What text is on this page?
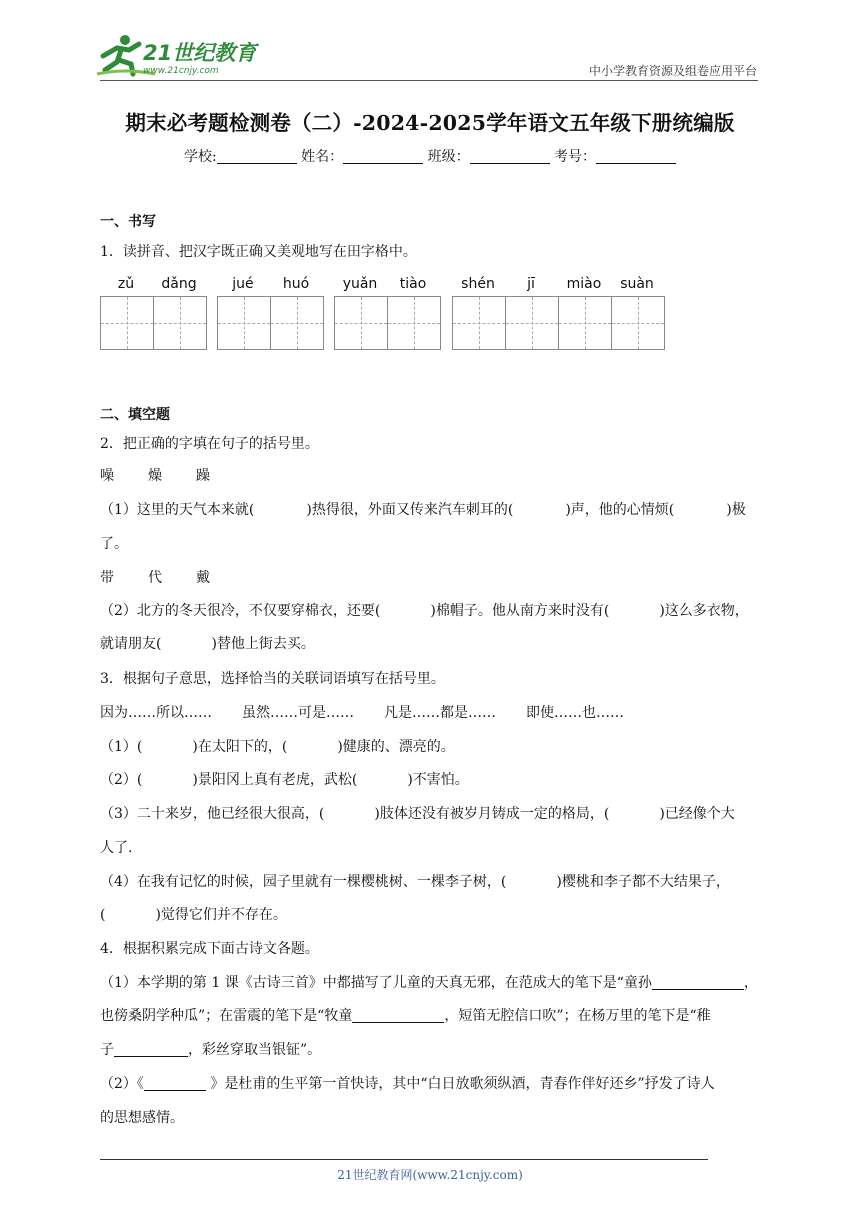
21世纪教育
www.21cnjy.com	中小学教育资源及组卷应用平台
期末必考题检测卷（二）-2024-2025学年语文五年级下册统编版
学校:	姓名：	班级：	考号：
一、书写
1．读拼音、把汉字既正确又美观地写在田字格中。
zǔ	dǎng	jué	huó	yuǎn	tiào	shén	jī	miào	suàn
二、填空题
2．把正确的字填在句子的括号里。
噪 燥 躁
（1）这里的天气本来就(	)热得很，外面又传来汽车刺耳的(	)声，他的心情烦(	)极
了。
带 代 戴
（2）北方的冬天很冷，不仅要穿棉衣，还要(	)棉帽子。他从南方来时没有(	)这么多衣物，
就请朋友(	)替他上街去买。
3．根据句子意思，选择恰当的关联词语填写在括号里。
因为……所以…… 虽然……可是…… 凡是……都是…… 即使……也……
（1）(	)在太阳下的，(	)健康的、漂亮的。
（2）(	)景阳冈上真有老虎，武松(	)不害怕。
（3）二十来岁，他已经很大很高，(	)肢体还没有被岁月铸成一定的格局，(	)已经像个大
人了.
（4）在我有记忆的时候，园子里就有一棵樱桃树、一棵李子树，(	)樱桃和李子都不大结果子，
(	)觉得它们并不存在。
4．根据积累完成下面古诗文各题。
（1）本学期的第 1 课《古诗三首》中都描写了儿童的天真无邪，在范成大的笔下是“童孙	，
也傍桑阴学种瓜”；在雷震的笔下是“牧童	，短笛无腔信口吹”；在杨万里的笔下是“稚
子	，彩丝穿取当银钲”。
（2）《	》是杜甫的生平第一首快诗，其中“白日放歌须纵酒，青春作伴好还乡”抒发了诗人
的思想感情。
21世纪教育网(www.21cnjy.com)
